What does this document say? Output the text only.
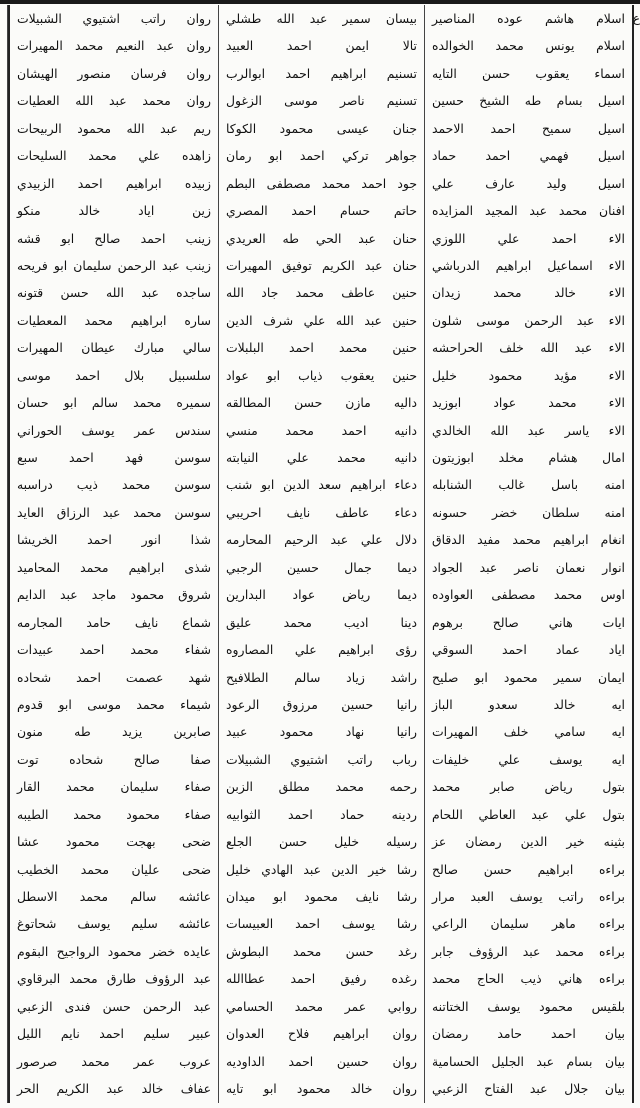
ع
اسلام هاشم عوده المناصير
اسلام يونس محمد الخوالده
اسماء يعقوب حسن التايه
اسيل بسام طه الشيخ حسين
اسيل سميح احمد الاحمد
اسيل فهمي احمد حماد
اسيل وليد عارف علي
افنان محمد عبد المجيد المزايده
الاء احمد علي اللوزي
الاء اسماعيل ابراهيم الدرباشي
الاء خالد محمد زيدان
الاء عبد الرحمن موسى شلون
الاء عبد الله خلف الحراحشه
الاء مؤيد محمود خليل
الاء محمد عواد ابوزيد
الاء ياسر عبد الله الخالدي
امال هشام مخلد ابوزيتون
امنه باسل غالب الشنابله
امنه سلطان خضر حسونه
انغام ابراهيم محمد مفيد الدقاق
انوار نعمان ناصر عبد الجواد
اوس محمد مصطفى العواوده
ايات هاني صالح برهوم
اياد عماد احمد السوقي
ايمان سمير محمود ابو صليح
ايه خالد سعدو الباز
ايه سامي خلف المهيرات
ايه يوسف علي خليفات
بتول رياض صابر محمد
بتول علي عبد العاطي اللحام
بثينه خير الدين رمضان عز
براءه ابراهيم حسن صالح
براءه راتب يوسف العبد مرار
براءه ماهر سليمان الراعي
براءه محمد عبد الرؤوف جابر
براءه هاني ذيب الحاج محمد
بلقيس محمود يوسف الختاتنه
بيان احمد حامد رمضان
بيان بسام عبد الجليل الحسامية
بيان جلال عبد الفتاح الزعبي
بيسان سمير عبد الله طشلي
تالا ايمن احمد العبيد
تسنيم ابراهيم احمد ابوالرب
تسنيم ناصر موسى الزغول
جنان عيسى محمود الكوكا
جواهر تركي احمد ابو رمان
جود احمد محمد مصطفى البطم
حاتم حسام احمد المصري
حنان عبد الحي طه العريدي
حنان عبد الكريم توفيق المهيرات
حنين عاطف محمد جاد الله
حنين عبد الله علي شرف الدين
حنين محمد احمد البلبلات
حنين يعقوب ذياب ابو عواد
داليه مازن حسن المطالقه
دانيه احمد محمد منسي
دانيه محمد علي النيابته
دعاء ابراهيم سعد الدين ابو شنب
دعاء عاطف نايف احريبي
دلال علي عبد الرحيم المحارمه
ديما جمال حسين الرجبي
ديما رياض عواد البدارين
دينا اديب محمد عليق
رؤى ابراهيم علي المصاروه
راشد زياد سالم الطلافيح
رانيا حسين مرزوق الرعود
رانيا نهاد محمود عبيد
رباب راتب اشتيوي الشبيلات
رحمه محمد مطلق الزبن
ردينه حماد احمد الثوابيه
رسيله خليل حسن الجلع
رشا خير الدين عبد الهادي خليل
رشا نايف محمود ابو ميدان
رشا يوسف احمد العبيسات
رغد حسن محمد البطوش
رغده رفيق احمد عطاالله
روابي عمر محمد الحسامي
روان ابراهيم فلاح العدوان
روان حسين احمد الداوديه
روان خالد محمود ابو تايه
روان راتب اشتيوي الشبيلات
روان عبد النعيم محمد المهيرات
روان فرسان منصور الهيشان
روان محمد عبد الله العطيات
ريم عبد الله محمود الربيحات
زاهده علي محمد السليحات
زبيده ابراهيم احمد الزبيدي
زين اياد خالد منكو
زينب احمد صالح ابو قشه
زينب عبد الرحمن سليمان ابو فريحه
ساجده عبد الله حسن قتونه
ساره ابراهيم محمد المعطيات
سالي مبارك عيطان المهيرات
سلسبيل بلال احمد موسى
سميره محمد سالم ابو حسان
سندس عمر يوسف الحوراني
سوسن فهد احمد سبع
سوسن محمد ذيب دراسبه
سوسن محمد عبد الرزاق العايد
شذا انور احمد الخريشا
شذى ابراهيم محمد المحاميد
شروق محمود ماجد عبد الدايم
شماع نايف حامد المجارمه
شفاء محمد احمد عبيدات
شهد عصمت احمد شحاده
شيماء محمد موسى ابو قدوم
صابرين يزيد طه منون
صفا صالح شحاده توت
صفاء سليمان محمد القار
صفاء محمود محمد الطيبه
ضحى بهجت محمود عشا
ضحى عليان محمد الخطيب
عائشه سالم محمد الاسطل
عائشه سليم يوسف شحاتوغ
عايده خضر محمود الرواجيح البقوم
عبد الرؤوف طارق محمد البرقاوي
عبد الرحمن حسن فندى الزعبي
عبير سليم احمد نايم الليل
عروب عمر محمد صرصور
عفاف خالد عبد الكريم الحر
